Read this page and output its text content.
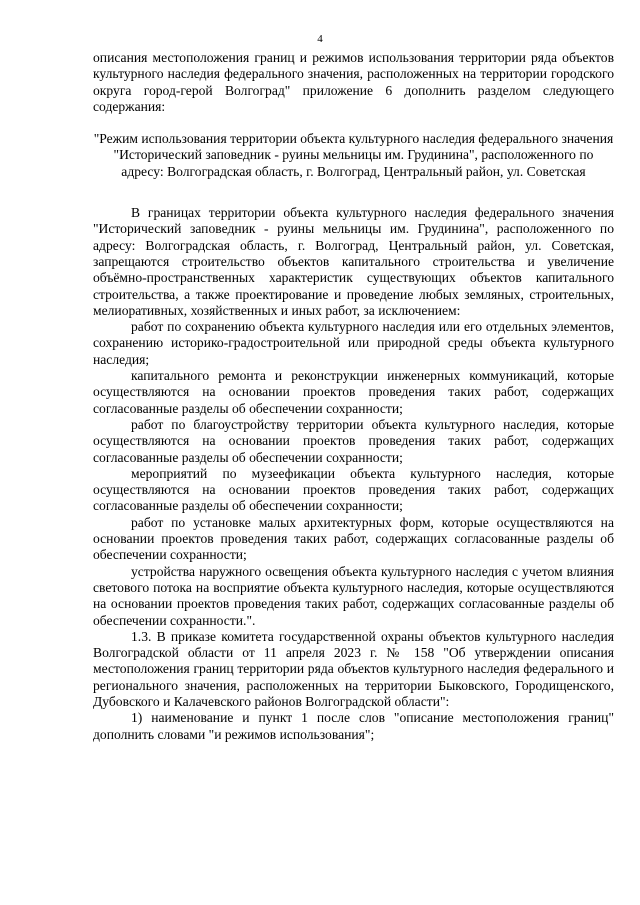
4

описания местоположения границ и режимов использования территории ряда объектов культурного наследия федерального значения, расположенных на территории городского округа город-герой Волгоград" приложение 6 дополнить разделом следующего содержания:

"Режим использования территории объекта культурного наследия федерального значения "Исторический заповедник - руины мельницы им. Грудинина", расположенного по адресу: Волгоградская область, г. Волгоград, Центральный район, ул. Советская

В границах территории объекта культурного наследия федерального значения "Исторический заповедник - руины мельницы им. Грудинина", расположенного по адресу: Волгоградская область, г. Волгоград, Центральный район, ул. Советская, запрещаются строительство объектов капитального строительства и увеличение объёмно-пространственных характеристик существующих объектов капитального строительства, а также проектирование и проведение любых земляных, строительных, мелиоративных, хозяйственных и иных работ, за исключением:

работ по сохранению объекта культурного наследия или его отдельных элементов, сохранению историко-градостроительной или природной среды объекта культурного наследия;

капитального ремонта и реконструкции инженерных коммуникаций, которые осуществляются на основании проектов проведения таких работ, содержащих согласованные разделы об обеспечении сохранности;

работ по благоустройству территории объекта культурного наследия, которые осуществляются на основании проектов проведения таких работ, содержащих согласованные разделы об обеспечении сохранности;

мероприятий по музеефикации объекта культурного наследия, которые осуществляются на основании проектов проведения таких работ, содержащих согласованные разделы об обеспечении сохранности;

работ по установке малых архитектурных форм, которые осуществляются на основании проектов проведения таких работ, содержащих согласованные разделы об обеспечении сохранности;

устройства наружного освещения объекта культурного наследия с учетом влияния светового потока на восприятие объекта культурного наследия, которые осуществляются на основании проектов проведения таких работ, содержащих согласованные разделы об обеспечении сохранности.".

1.3. В приказе комитета государственной охраны объектов культурного наследия Волгоградской области от 11 апреля 2023 г. № 158 "Об утверждении описания местоположения границ территории ряда объектов культурного наследия федерального и регионального значения, расположенных на территории Быковского, Городищенского, Дубовского и Калачевского районов Волгоградской области":

1) наименование и пункт 1 после слов "описание местоположения границ" дополнить словами "и режимов использования";
